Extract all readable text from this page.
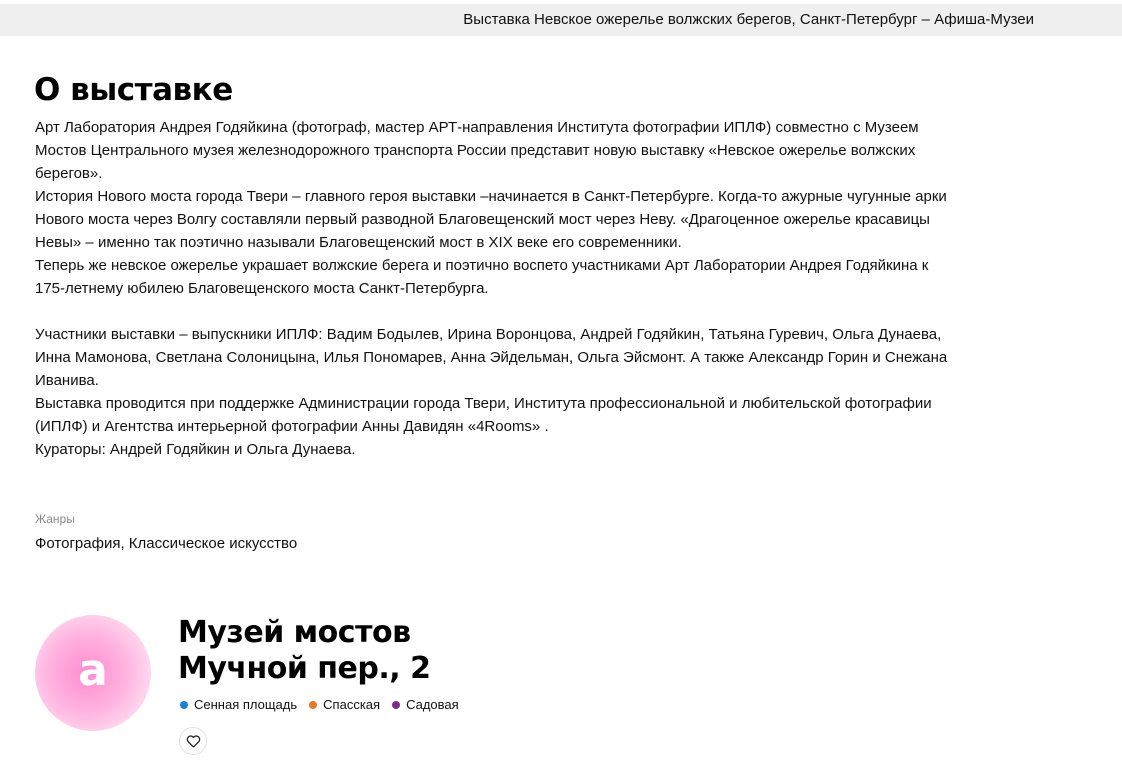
Выставка Невское ожерелье волжских берегов, Санкт-Петербург – Афиша-Музеи
О выставке

Арт Лаборатория Андрея Годяйкина (фотограф, мастер АРТ-направления Института фотографии ИПЛФ) совместно с Музеем Мостов Центрального музея железнодорожного транспорта России представит новую выставку «Невское ожерелье волжских берегов».

История Нового моста города Твери – главного героя выставки –начинается в Санкт-Петербурге. Когда-то ажурные чугунные арки Нового моста через Волгу составляли первый разводной Благовещенский мост через Неву. «Драгоценное ожерелье красавицы Невы» – именно так поэтично называли Благовещенский мост в XIX веке его современники.

Теперь же невское ожерелье украшает волжские берега и поэтично воспето участниками Арт Лаборатории Андрея Годяйкина к 175-летнему юбилею Благовещенского моста Санкт-Петербурга.

Участники выставки – выпускники ИПЛФ: Вадим Бодылев, Ирина Воронцова, Андрей Годяйкин, Татьяна Гуревич, Ольга Дунаева, Инна Мамонова, Светлана Солоницына, Илья Пономарев, Анна Эйдельман, Ольга Эйсмонт. А также Александр Горин и Снежана Иванива.

Выставка проводится при поддержке Администрации города Твери, Института профессиональной и любительской фотографии (ИПЛФ) и Агентства интерьерной фотографии Анны Давидян «4Rooms» .

Кураторы: Андрей Годяйкин и Ольга Дунаева.

Жанры
Фотография, Классическое искусство
a
Музей мостов
Мучной пер., 2
Сенная площадь Спасская Садовая
